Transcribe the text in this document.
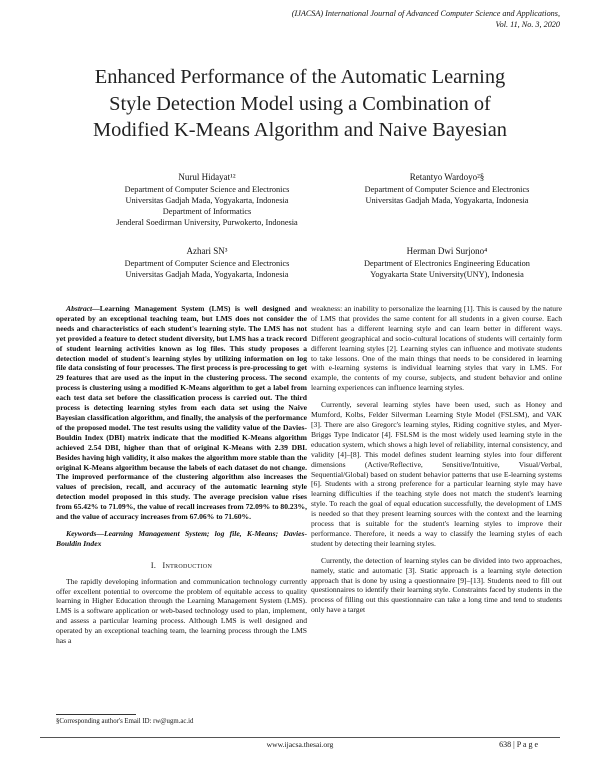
(IJACSA) International Journal of Advanced Computer Science and Applications,
Vol. 11, No. 3, 2020
Enhanced Performance of the Automatic Learning
Style Detection Model using a Combination of
Modified K-Means Algorithm and Naive Bayesian
Nurul Hidayat¹²
Department of Computer Science and Electronics
Universitas Gadjah Mada, Yogyakarta, Indonesia
Department of Informatics
Jenderal Soedirman University, Purwokerto, Indonesia
Retantyo Wardoyo²§
Department of Computer Science and Electronics
Universitas Gadjah Mada, Yogyakarta, Indonesia
Azhari SN³
Department of Computer Science and Electronics
Universitas Gadjah Mada, Yogyakarta, Indonesia
Herman Dwi Surjono⁴
Department of Electronics Engineering Education
Yogyakarta State University(UNY), Indonesia

Abstract—Learning Management System (LMS) is well designed and operated by an exceptional teaching team, but LMS does not consider the needs and characteristics of each student's learning style. The LMS has not yet provided a feature to detect student diversity, but LMS has a track record of student learning activities known as log files. This study proposes a detection model of student's learning styles by utilizing information on log file data consisting of four processes. The first process is pre-processing to get 29 features that are used as the input in the clustering process. The second process is clustering using a modified K-Means algorithm to get a label from each test data set before the classification process is carried out. The third process is detecting learning styles from each data set using the Naive Bayesian classification algorithm, and finally, the analysis of the performance of the proposed model. The test results using the validity value of the Davies-Bouldin Index (DBI) matrix indicate that the modified K-Means algorithm achieved 2.54 DBI, higher than that of original K-Means with 2.39 DBI. Besides having high validity, it also makes the algorithm more stable than the original K-Means algorithm because the labels of each dataset do not change. The improved performance of the clustering algorithm also increases the values of precision, recall, and accuracy of the automatic learning style detection model proposed in this study. The average precision value rises from 65.42% to 71.09%, the value of recall increases from 72.09% to 80.23%, and the value of accuracy increases from 67.06% to 71.60%.

Keywords—Learning Management System; log file, K-Means; Davies-Bouldin Index

I. Introduction

The rapidly developing information and communication technology currently offer excellent potential to overcome the problem of equitable access to quality learning in Higher Education through the Learning Management System (LMS). LMS is a software application or web-based technology used to plan, implement, and assess a particular learning process. Although LMS is well designed and operated by an exceptional teaching team, the learning process through the LMS has a

§Corresponding author's Email ID: rw@ugm.ac.id

weakness: an inability to personalize the learning [1]. This is caused by the nature of LMS that provides the same content for all students in a given course. Each student has a different learning style and can learn better in different ways. Different geographical and socio-cultural locations of students will certainly form different learning styles [2]. Learning styles can influence and motivate students to take lessons. One of the main things that needs to be considered in learning with e-learning systems is individual learning styles that vary in LMS. For example, the contents of my course, subjects, and student behavior and online learning experiences can influence learning styles.

Currently, several learning styles have been used, such as Honey and Mumford, Kolbs, Felder Silverman Learning Style Model (FSLSM), and VAK [3]. There are also Gregorc's learning styles, Riding cognitive styles, and Myer-Briggs Type Indicator [4]. FSLSM is the most widely used learning style in the education system, which shows a high level of reliability, internal consistency, and validity [4]–[8]. This model defines student learning styles into four different dimensions (Active/Reflective, Sensitive/Intuitive, Visual/Verbal, Sequential/Global) based on student behavior patterns that use E-learning systems [6]. Students with a strong preference for a particular learning style may have learning difficulties if the teaching style does not match the student's learning style. To reach the goal of equal education successfully, the development of LMS is needed so that they present learning sources with the context and the learning process that is suitable for the student's learning styles to improve their performance. Therefore, it needs a way to classify the learning styles of each student by detecting their learning styles.

Currently, the detection of learning styles can be divided into two approaches, namely, static and automatic [3]. Static approach is a learning style detection approach that is done by using a questionnaire [9]–[13]. Students need to fill out questionnaires to identify their learning style. Constraints faced by students in the process of filling out this questionnaire can take a long time and tend to students only have a target

www.ijacsa.thesai.org	638 | P a g e
